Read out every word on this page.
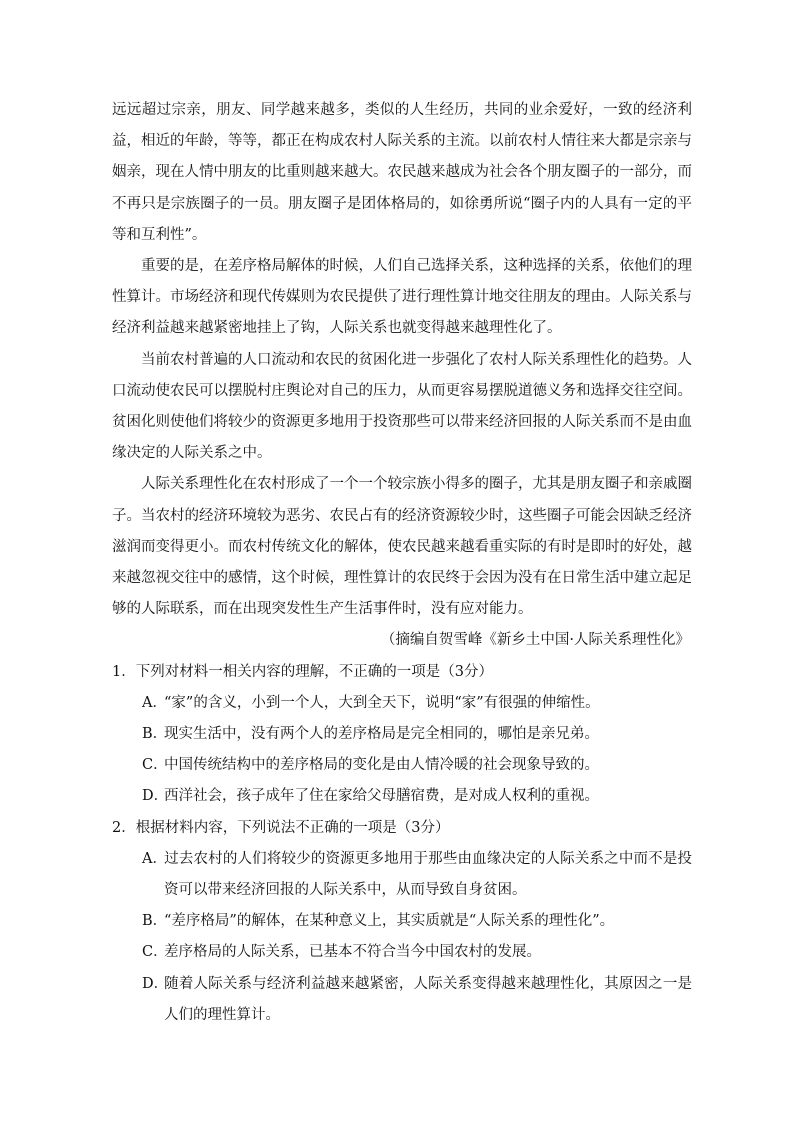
远远超过宗亲，朋友、同学越来越多，类似的人生经历，共同的业余爱好，一致的经济利益，相近的年龄，等等，都正在构成农村人际关系的主流。以前农村人情往来大都是宗亲与姻亲，现在人情中朋友的比重则越来越大。农民越来越成为社会各个朋友圈子的一部分，而不再只是宗族圈子的一员。朋友圈子是团体格局的，如徐勇所说“圈子内的人具有一定的平等和互利性”。

重要的是，在差序格局解体的时候，人们自己选择关系，这种选择的关系，依他们的理性算计。市场经济和现代传媒则为农民提供了进行理性算计地交往朋友的理由。人际关系与经济利益越来越紧密地挂上了钩，人际关系也就变得越来越理性化了。

当前农村普遍的人口流动和农民的贫困化进一步强化了农村人际关系理性化的趋势。人口流动使农民可以摆脱村庄舆论对自己的压力，从而更容易摆脱道德义务和选择交往空间。贫困化则使他们将较少的资源更多地用于投资那些可以带来经济回报的人际关系而不是由血缘决定的人际关系之中。

人际关系理性化在农村形成了一个一个较宗族小得多的圈子，尤其是朋友圈子和亲戚圈子。当农村的经济环境较为恶劣、农民占有的经济资源较少时，这些圈子可能会因缺乏经济滋润而变得更小。而农村传统文化的解体，使农民越来越看重实际的有时是即时的好处，越来越忽视交往中的感情，这个时候，理性算计的农民终于会因为没有在日常生活中建立起足够的人际联系，而在出现突发性生产生活事件时，没有应对能力。

（摘编自贺雪峰《新乡土中国·人际关系理性化》

1．下列对材料一相关内容的理解，不正确的一项是（3分）

A．“家”的含义，小到一个人，大到全天下，说明“家”有很强的伸缩性。

B．现实生活中，没有两个人的差序格局是完全相同的，哪怕是亲兄弟。

C．中国传统结构中的差序格局的变化是由人情冷暖的社会现象导致的。

D．西洋社会，孩子成年了住在家给父母膳宿费，是对成人权利的重视。

2．根据材料内容，下列说法不正确的一项是（3分）

A．过去农村的人们将较少的资源更多地用于那些由血缘决定的人际关系之中而不是投资可以带来经济回报的人际关系中，从而导致自身贫困。

B．“差序格局”的解体，在某种意义上，其实质就是“人际关系的理性化”。

C．差序格局的人际关系，已基本不符合当今中国农村的发展。

D．随着人际关系与经济利益越来越紧密，人际关系变得越来越理性化，其原因之一是人们的理性算计。
